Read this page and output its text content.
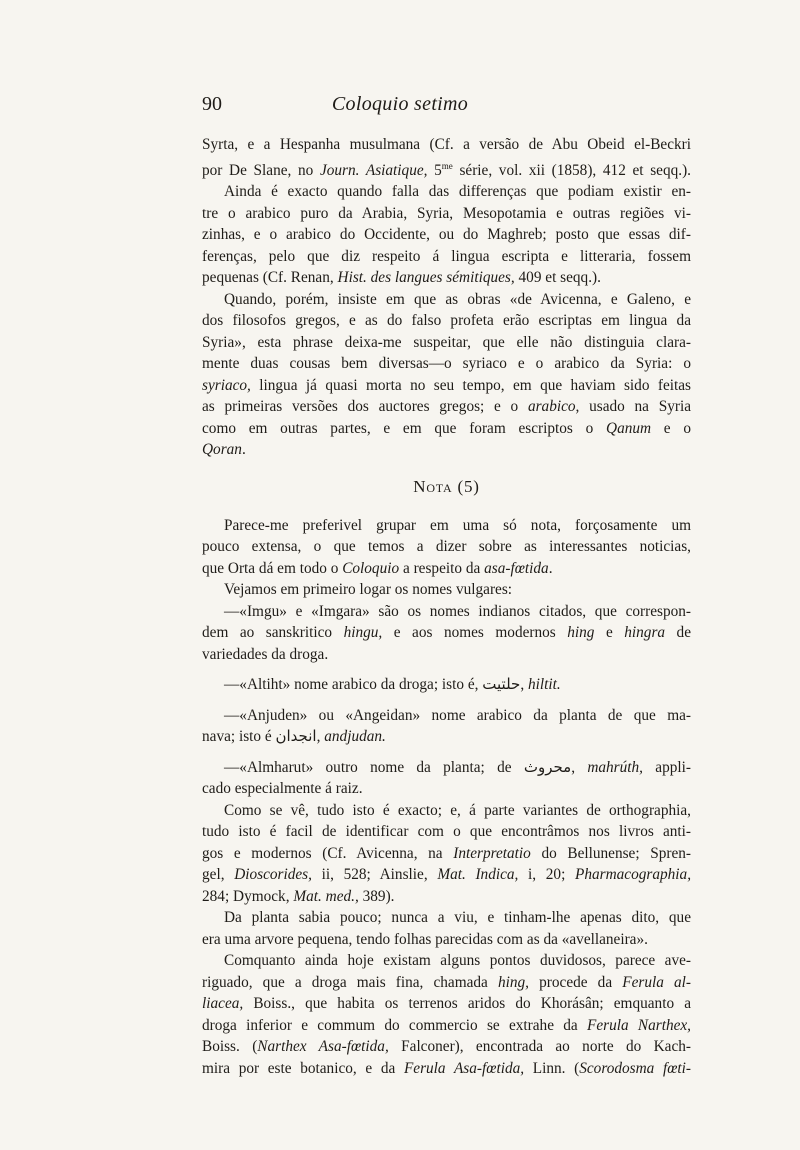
90	Coloquio setimo

Syrta, e a Hespanha musulmana (Cf. a versão de Abu Obeid el-Beckri

por De Slane, no Journ. Asiatique, $5^{me}$ série, vol. xii (1858), 412 et seqq.).

Ainda é exacto quando falla das differenças que podiam existir en-

tre o arabico puro da Arabia, Syria, Mesopotamia e outras regiões vi-

zinhas, e o arabico do Occidente, ou do Maghreb; posto que essas dif-

ferenças, pelo que diz respeito á lingua escripta e litteraria, fossem

pequenas (Cf. Renan, Hist. des langues sémitiques, 409 et seqq.).

Quando, porém, insiste em que as obras «de Avicenna, e Galeno, e

dos filosofos gregos, e as do falso profeta erão escriptas em lingua da

Syria», esta phrase deixa-me suspeitar, que elle não distinguia clara-

mente duas cousas bem diversas—o syriaco e o arabico da Syria: o

syriaco, lingua já quasi morta no seu tempo, em que haviam sido feitas

as primeiras versões dos auctores gregos; e o arabico, usado na Syria

como em outras partes, e em que foram escriptos o Qanum e o

Qoran.

Nota (5)

Parece-me preferivel grupar em uma só nota, forçosamente um

pouco extensa, o que temos a dizer sobre as interessantes noticias,

que Orta dá em todo o Coloquio a respeito da asa-fœtida.

Vejamos em primeiro logar os nomes vulgares:

—«Imgu» e «Imgara» são os nomes indianos citados, que correspon-

dem ao sanskritico hingu, e aos nomes modernos hing e hingra de

variedades da droga.

—«Altiht» nome arabico da droga; isto é, حلتيت, hiltit.

—«Anjuden» ou «Angeidan» nome arabico da planta de que ma-

nava; isto é انجدان, andjudan.

—«Almharut» outro nome da planta; de محروث, mahrúth, appli-

cado especialmente á raiz.

Como se vê, tudo isto é exacto; e, á parte variantes de orthographia,

tudo isto é facil de identificar com o que encontrâmos nos livros anti-

gos e modernos (Cf. Avicenna, na Interpretatio do Bellunense; Spren-

gel, Dioscorides, ii, 528; Ainslie, Mat. Indica, i, 20; Pharmacographia,

284; Dymock, Mat. med., 389).

Da planta sabia pouco; nunca a viu, e tinham-lhe apenas dito, que

era uma arvore pequena, tendo folhas parecidas com as da «avellaneira».

Comquanto ainda hoje existam alguns pontos duvidosos, parece ave-

riguado, que a droga mais fina, chamada hing, procede da Ferula al-

liacea, Boiss., que habita os terrenos aridos do Khorásân; emquanto a

droga inferior e commum do commercio se extrahe da Ferula Narthex,

Boiss. (Narthex Asa-fœtida, Falconer), encontrada ao norte do Kach-

mira por este botanico, e da Ferula Asa-fœtida, Linn. (Scorodosma fœti-
